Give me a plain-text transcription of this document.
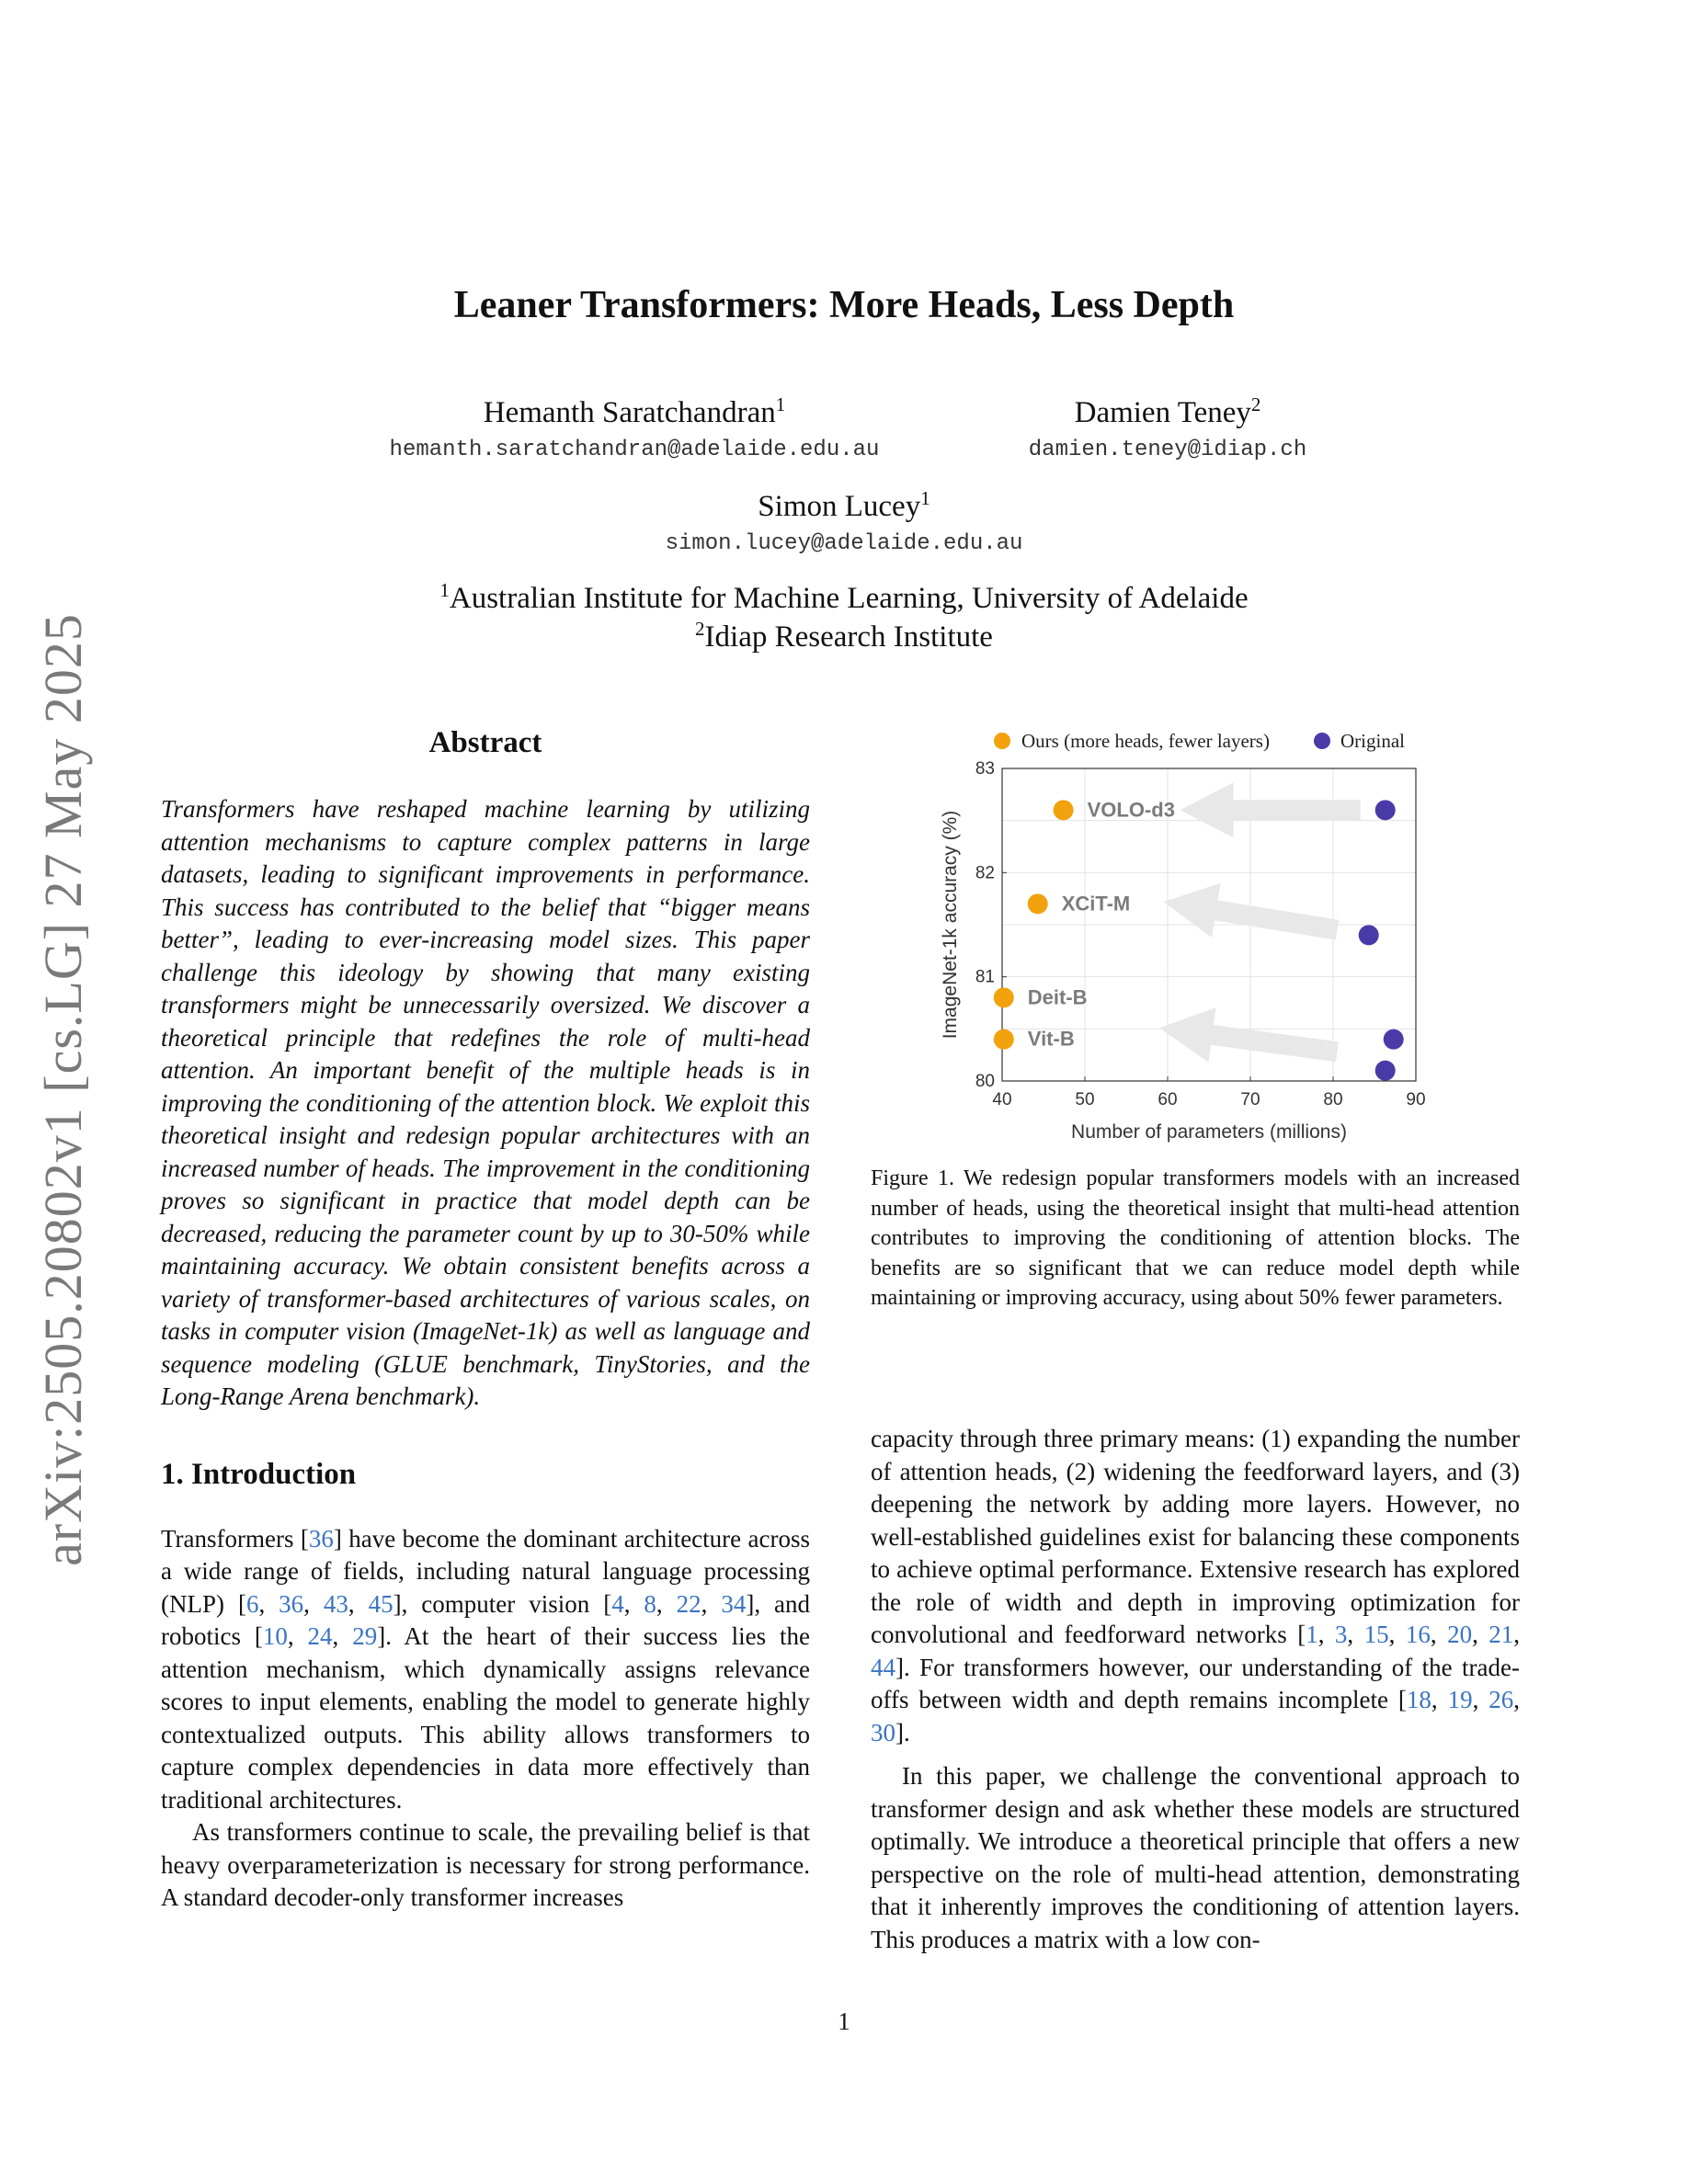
arXiv:2505.20802v1 [cs.LG] 27 May 2025
Leaner Transformers: More Heads, Less Depth
Hemanth Saratchandran$^1$
hemanth.saratchandran@adelaide.edu.au
Damien Teney$^2$
damien.teney@idiap.ch
Simon Lucey$^1$
simon.lucey@adelaide.edu.au
$^1$Australian Institute for Machine Learning, University of Adelaide
$^2$Idiap Research Institute
Abstract

Transformers have reshaped machine learning by utilizing attention mechanisms to capture complex patterns in large datasets, leading to significant improvements in performance. This success has contributed to the belief that “bigger means better”, leading to ever-increasing model sizes. This paper challenge this ideology by showing that many existing transformers might be unnecessarily oversized. We discover a theoretical principle that redefines the role of multi-head attention. An important benefit of the multiple heads is in improving the conditioning of the attention block. We exploit this theoretical insight and redesign popular architectures with an increased number of heads. The improvement in the conditioning proves so significant in practice that model depth can be decreased, reducing the parameter count by up to 30-50% while maintaining accuracy. We obtain consistent benefits across a variety of transformer-based architectures of various scales, on tasks in computer vision (ImageNet-1k) as well as language and sequence modeling (GLUE benchmark, TinyStories, and the Long-Range Arena benchmark).

1. Introduction

Transformers [36] have become the dominant architecture across a wide range of fields, including natural language processing (NLP) [6, 36, 43, 45], computer vision [4, 8, 22, 34], and robotics [10, 24, 29]. At the heart of their success lies the attention mechanism, which dynamically assigns relevance scores to input elements, enabling the model to generate highly contextualized outputs. This ability allows transformers to capture complex dependencies in data more effectively than traditional architectures.

As transformers continue to scale, the prevailing belief is that heavy overparameterization is necessary for strong performance. A standard decoder-only transformer increases

40	50	60	70	80	90
80
81
82
83
Number of parameters (millions)
ImageNet-1k accuracy (%)
VOLO-d3
XCiT-M
Deit-B
Vit-B
Ours (more heads, fewer layers)	Original

Figure 1. We redesign popular transformers models with an increased number of heads, using the theoretical insight that multi-head attention contributes to improving the conditioning of attention blocks. The benefits are so significant that we can reduce model depth while maintaining or improving accuracy, using about 50% fewer parameters.

capacity through three primary means: (1) expanding the number of attention heads, (2) widening the feedforward layers, and (3) deepening the network by adding more layers. However, no well-established guidelines exist for balancing these components to achieve optimal performance. Extensive research has explored the role of width and depth in improving optimization for convolutional and feedforward networks [1, 3, 15, 16, 20, 21, 44]. For transformers however, our understanding of the trade-offs between width and depth remains incomplete [18, 19, 26, 30].

In this paper, we challenge the conventional approach to transformer design and ask whether these models are structured optimally. We introduce a theoretical principle that offers a new perspective on the role of multi-head attention, demonstrating that it inherently improves the conditioning of attention layers. This produces a matrix with a low con-

1
